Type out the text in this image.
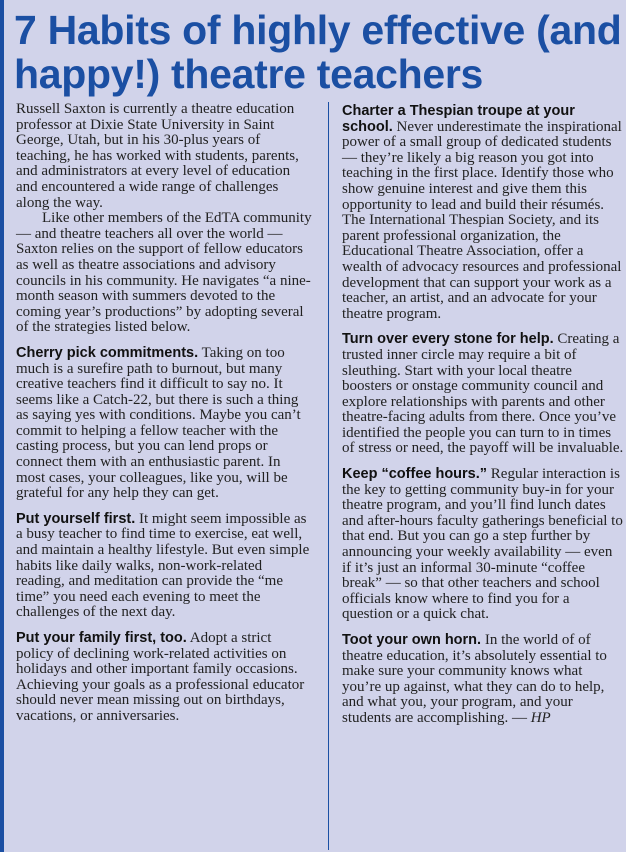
7 Habits of highly effective (and happy!) theatre teachers

Russell Saxton is currently a theatre education professor at Dixie State University in Saint George, Utah, but in his 30-plus years of teaching, he has worked with students, parents, and administrators at every level of education and encountered a wide range of challenges along the way.

Like other members of the EdTA community — and theatre teachers all over the world — Saxton relies on the support of fellow educators as well as theatre associations and advisory councils in his community. He navigates “a nine-month season with summers devoted to the coming year’s productions” by adopting several of the strategies listed below.

Cherry pick commitments. Taking on too much is a surefire path to burnout, but many creative teachers find it difficult to say no. It seems like a Catch-22, but there is such a thing as saying yes with conditions. Maybe you can’t commit to helping a fellow teacher with the casting process, but you can lend props or connect them with an enthusiastic parent. In most cases, your colleagues, like you, will be grateful for any help they can get.

Put yourself first. It might seem impossible as a busy teacher to find time to exercise, eat well, and maintain a healthy lifestyle. But even simple habits like daily walks, non-work-related reading, and meditation can provide the “me time” you need each evening to meet the challenges of the next day.

Put your family first, too. Adopt a strict policy of declining work-related activities on holidays and other important family occasions. Achieving your goals as a professional educator should never mean missing out on birthdays, vacations, or anniversaries.

Charter a Thespian troupe at your school. Never underestimate the inspirational power of a small group of dedicated students — they’re likely a big reason you got into teaching in the first place. Identify those who show genuine interest and give them this opportunity to lead and build their résumés. The International Thespian Society, and its parent professional organization, the Educational Theatre Association, offer a wealth of advocacy resources and professional development that can support your work as a teacher, an artist, and an advocate for your theatre program.

Turn over every stone for help. Creating a trusted inner circle may require a bit of sleuthing. Start with your local theatre boosters or onstage community council and explore relationships with parents and other theatre-facing adults from there. Once you’ve identified the people you can turn to in times of stress or need, the payoff will be invaluable.

Keep “coffee hours.” Regular interaction is the key to getting community buy-in for your theatre program, and you’ll find lunch dates and after-hours faculty gatherings beneficial to that end. But you can go a step further by announcing your weekly availability — even if it’s just an informal 30-minute “coffee break” — so that other teachers and school officials know where to find you for a question or a quick chat.

Toot your own horn. In the world of of theatre education, it’s absolutely essential to make sure your community knows what you’re up against, what they can do to help, and what you, your program, and your students are accomplishing. — HP
